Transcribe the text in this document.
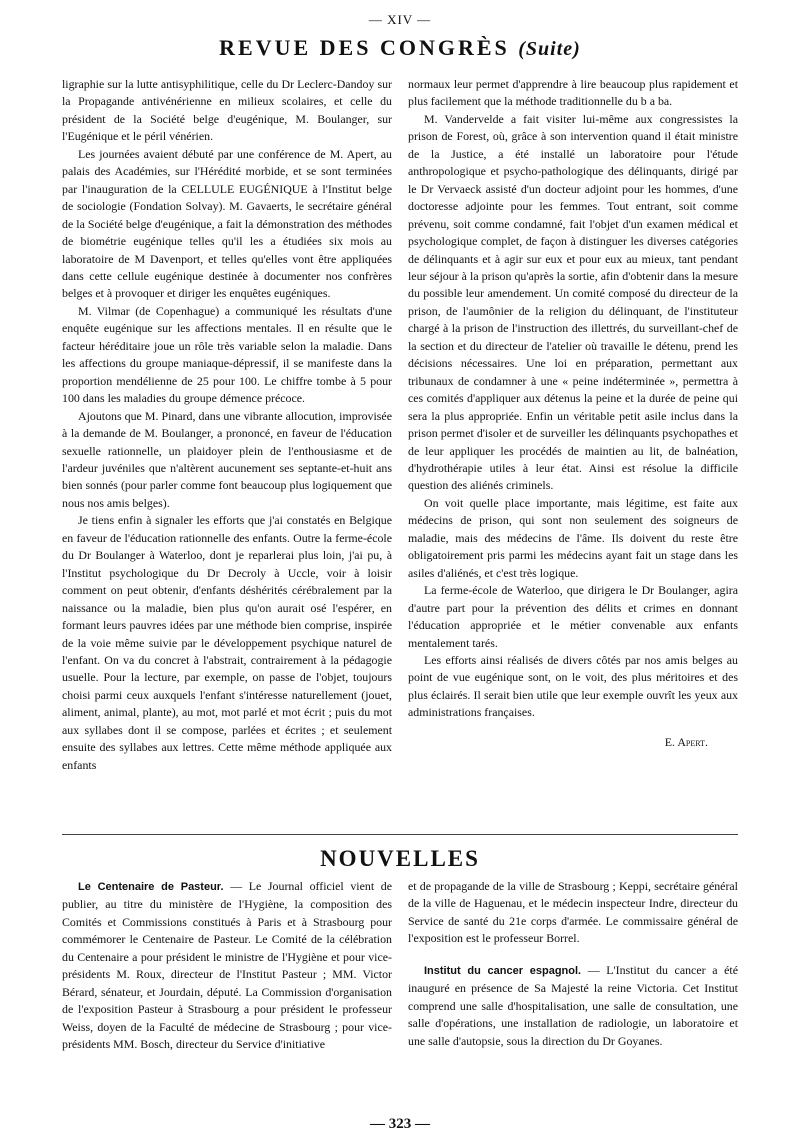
— XIV —
REVUE DES CONGRÈS (Suite)

ligraphie sur la lutte antisyphilitique, celle du Dr Leclerc-Dandoy sur la Propagande antivénérienne en milieux scolaires, et celle du président de la Société belge d'eugénique, M. Boulanger, sur l'Eugénique et le péril vénérien.

Les journées avaient débuté par une conférence de M. Apert, au palais des Académies, sur l'Hérédité morbide, et se sont terminées par l'inauguration de la CELLULE EUGÉNIQUE à l'Institut belge de sociologie (Fondation Solvay). M. Gavaerts, le secrétaire général de la Société belge d'eugénique, a fait la démonstration des méthodes de biométrie eugénique telles qu'il les a étudiées six mois au laboratoire de M Davenport, et telles qu'elles vont être appliquées dans cette cellule eugénique destinée à documenter nos confrères belges et à provoquer et diriger les enquêtes eugéniques.

M. Vilmar (de Copenhague) a communiqué les résultats d'une enquête eugénique sur les affections mentales. Il en résulte que le facteur héréditaire joue un rôle très variable selon la maladie. Dans les affections du groupe maniaque-dépressif, il se manifeste dans la proportion mendélienne de 25 pour 100. Le chiffre tombe à 5 pour 100 dans les maladies du groupe démence précoce.

Ajoutons que M. Pinard, dans une vibrante allocution, improvisée à la demande de M. Boulanger, a prononcé, en faveur de l'éducation sexuelle rationnelle, un plaidoyer plein de l'enthousiasme et de l'ardeur juvéniles que n'altèrent aucunement ses septante-et-huit ans bien sonnés (pour parler comme font beaucoup plus logiquement que nous nos amis belges).

Je tiens enfin à signaler les efforts que j'ai constatés en Belgique en faveur de l'éducation rationnelle des enfants. Outre la ferme-école du Dr Boulanger à Waterloo, dont je reparlerai plus loin, j'ai pu, à l'Institut psychologique du Dr Decroly à Uccle, voir à loisir comment on peut obtenir, d'enfants déshérités cérébralement par la naissance ou la maladie, bien plus qu'on aurait osé l'espérer, en formant leurs pauvres idées par une méthode bien comprise, inspirée de la voie même suivie par le développement psychique naturel de l'enfant. On va du concret à l'abstrait, contrairement à la pédagogie usuelle. Pour la lecture, par exemple, on passe de l'objet, toujours choisi parmi ceux auxquels l'enfant s'intéresse naturellement (jouet, aliment, animal, plante), au mot, mot parlé et mot écrit ; puis du mot aux syllabes dont il se compose, parlées et écrites ; et seulement ensuite des syllabes aux lettres. Cette même méthode appliquée aux enfants

normaux leur permet d'apprendre à lire beaucoup plus rapidement et plus facilement que la méthode traditionnelle du b a ba.

M. Vandervelde a fait visiter lui-même aux congressistes la prison de Forest, où, grâce à son intervention quand il était ministre de la Justice, a été installé un laboratoire pour l'étude anthropologique et psycho-pathologique des délinquants, dirigé par le Dr Vervaeck assisté d'un docteur adjoint pour les hommes, d'une doctoresse adjointe pour les femmes. Tout entrant, soit comme prévenu, soit comme condamné, fait l'objet d'un examen médical et psychologique complet, de façon à distinguer les diverses catégories de délinquants et à agir sur eux et pour eux au mieux, tant pendant leur séjour à la prison qu'après la sortie, afin d'obtenir dans la mesure du possible leur amendement. Un comité composé du directeur de la prison, de l'aumônier de la religion du délinquant, de l'instituteur chargé à la prison de l'instruction des illettrés, du surveillant-chef de la section et du directeur de l'atelier où travaille le détenu, prend les décisions nécessaires. Une loi en préparation, permettant aux tribunaux de condamner à une « peine indéterminée », permettra à ces comités d'appliquer aux détenus la peine et la durée de peine qui sera la plus appropriée. Enfin un véritable petit asile inclus dans la prison permet d'isoler et de surveiller les délinquants psychopathes et de leur appliquer les procédés de maintien au lit, de balnéation, d'hydrothérapie utiles à leur état. Ainsi est résolue la difficile question des aliénés criminels.

On voit quelle place importante, mais légitime, est faite aux médecins de prison, qui sont non seulement des soigneurs de maladie, mais des médecins de l'âme. Ils doivent du reste être obligatoirement pris parmi les médecins ayant fait un stage dans les asiles d'aliénés, et c'est très logique.

La ferme-école de Waterloo, que dirigera le Dr Boulanger, agira d'autre part pour la prévention des délits et crimes en donnant l'éducation appropriée et le métier convenable aux enfants mentalement tarés.

Les efforts ainsi réalisés de divers côtés par nos amis belges au point de vue eugénique sont, on le voit, des plus méritoires et des plus éclairés. Il serait bien utile que leur exemple ouvrît les yeux aux administrations françaises.

E. Apert.
NOUVELLES

Le Centenaire de Pasteur. — Le Journal officiel vient de publier, au titre du ministère de l'Hygiène, la composition des Comités et Commissions constitués à Paris et à Strasbourg pour commémorer le Centenaire de Pasteur. Le Comité de la célébration du Centenaire a pour président le ministre de l'Hygiène et pour vice-présidents M. Roux, directeur de l'Institut Pasteur ; MM. Victor Bérard, sénateur, et Jourdain, député. La Commission d'organisation de l'exposition Pasteur à Strasbourg a pour président le professeur Weiss, doyen de la Faculté de médecine de Strasbourg ; pour vice-présidents MM. Bosch, directeur du Service d'initiative

et de propagande de la ville de Strasbourg ; Keppi, secrétaire général de la ville de Haguenau, et le médecin inspecteur Indre, directeur du Service de santé du 21e corps d'armée. Le commissaire général de l'exposition est le professeur Borrel.

Institut du cancer espagnol. — L'Institut du cancer a été inauguré en présence de Sa Majesté la reine Victoria. Cet Institut comprend une salle d'hospitalisation, une salle de consultation, une salle d'opérations, une installation de radiologie, un laboratoire et une salle d'autopsie, sous la direction du Dr Goyanes.

— 323 —
